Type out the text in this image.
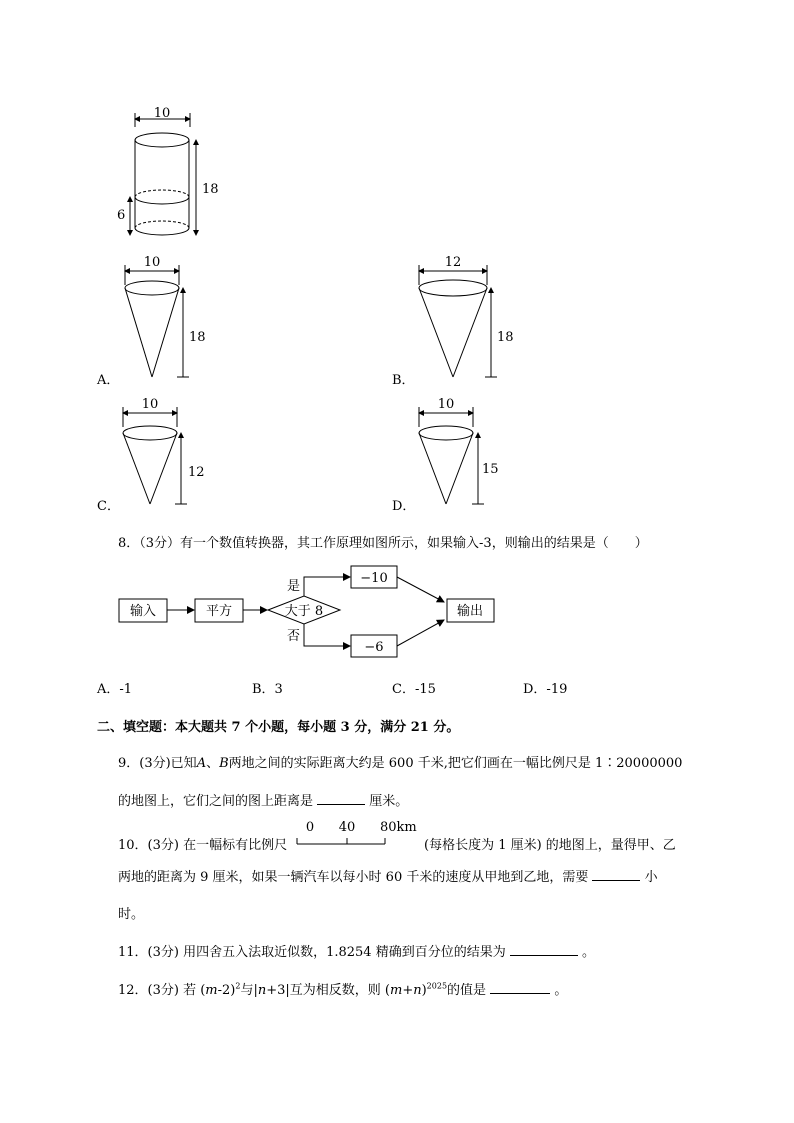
10
18
6
10
18
A．
12
18
B．
10
12
C．
10
15
D．
8．（3分）有一个数值转换器，其工作原理如图所示，如果输入-3，则输出的结果是（　　）
输入	平方	大于 8
是
−10
否
−6
输出
A．-1	B．3	C．-15	D．-19
二、填空题：本大题共 7 个小题，每小题 3 分，满分 21 分。
9．(3分)已知A、B两地之间的实际距离大约是 600 千米,把它们画在一幅比例尺是 1∶20000000
的地图上，它们之间的图上距离是	厘米。
10．(3分) 在一幅标有比例尺
0 40 80km
(每格长度为 1 厘米) 的地图上，量得甲、乙
两地的距离为 9 厘米，如果一辆汽车以每小时 60 千米的速度从甲地到乙地，需要	小
时。
11．(3分) 用四舍五入法取近似数，1.8254 精确到百分位的结果为	。
12．(3分) 若 $(m-2)^2$与|n+3|互为相反数，则 $(m+n)^{2025}$的值是	。
